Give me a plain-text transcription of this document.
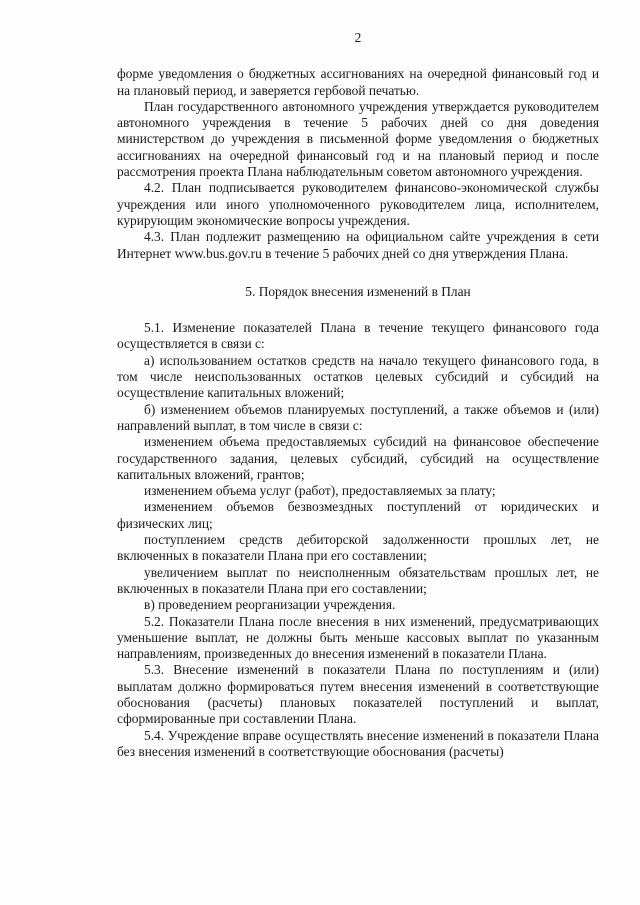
2

форме уведомления о бюджетных ассигнованиях на очередной финансовый год и на плановый период, и заверяется гербовой печатью.

План государственного автономного учреждения утверждается руководителем автономного учреждения в течение 5 рабочих дней со дня доведения министерством до учреждения в письменной форме уведомления о бюджетных ассигнованиях на очередной финансовый год и на плановый период и после рассмотрения проекта Плана наблюдательным советом автономного учреждения.

4.2. План подписывается руководителем финансово-экономической службы учреждения или иного уполномоченного руководителем лица, исполнителем, курирующим экономические вопросы учреждения.

4.3. План подлежит размещению на официальном сайте учреждения в сети Интернет www.bus.gov.ru в течение 5 рабочих дней со дня утверждения Плана.

5. Порядок внесения изменений в План

5.1. Изменение показателей Плана в течение текущего финансового года осуществляется в связи с:

а) использованием остатков средств на начало текущего финансового года, в том числе неиспользованных остатков целевых субсидий и субсидий на осуществление капитальных вложений;

б) изменением объемов планируемых поступлений, а также объемов и (или) направлений выплат, в том числе в связи с:

изменением объема предоставляемых субсидий на финансовое обеспечение государственного задания, целевых субсидий, субсидий на осуществление капитальных вложений, грантов;

изменением объема услуг (работ), предоставляемых за плату;

изменением объемов безвозмездных поступлений от юридических и физических лиц;

поступлением средств дебиторской задолженности прошлых лет, не включенных в показатели Плана при его составлении;

увеличением выплат по неисполненным обязательствам прошлых лет, не включенных в показатели Плана при его составлении;

в) проведением реорганизации учреждения.

5.2. Показатели Плана после внесения в них изменений, предусматривающих уменьшение выплат, не должны быть меньше кассовых выплат по указанным направлениям, произведенных до внесения изменений в показатели Плана.

5.3. Внесение изменений в показатели Плана по поступлениям и (или) выплатам должно формироваться путем внесения изменений в соответствующие обоснования (расчеты) плановых показателей поступлений и выплат, сформированные при составлении Плана.

5.4. Учреждение вправе осуществлять внесение изменений в показатели Плана без внесения изменений в соответствующие обоснования (расчеты)
